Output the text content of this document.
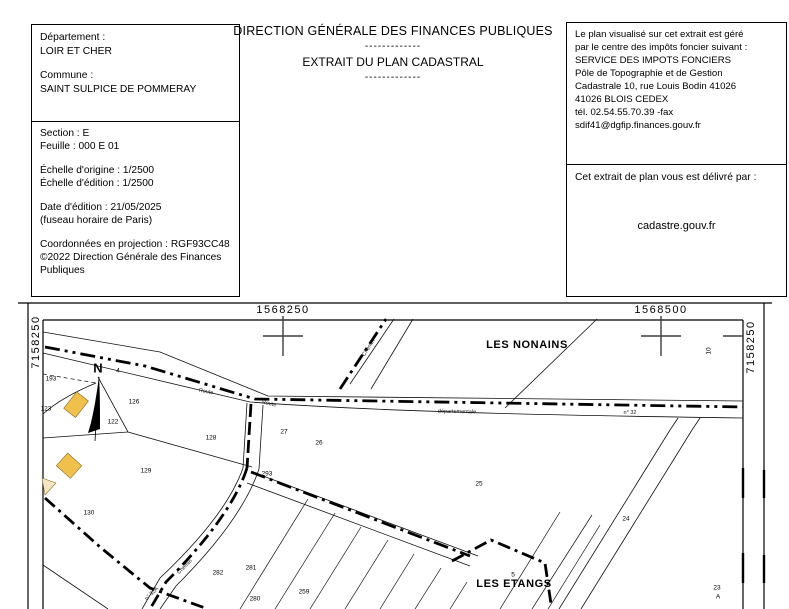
Département :
LOIR ET CHER
Commune :
SAINT SULPICE DE POMMERAY
DIRECTION GÉNÉRALE DES FINANCES PUBLIQUES
-------------
EXTRAIT DU PLAN CADASTRAL
-------------
Le plan visualisé sur cet extrait est géré
par le centre des impôts foncier suivant :
SERVICE DES IMPOTS FONCIERS
Pôle de Topographie et de Gestion
Cadastrale 10, rue Louis Bodin 41026
41026 BLOIS CEDEX
tél. 02.54.55.70.39 -fax
sdif41@dgfip.finances.gouv.fr
Section : E
Feuille : 000 E 01
Échelle d'origine : 1/2500
Échelle d'édition : 1/2500
Date d'édition : 21/05/2025
(fuseau horaire de Paris)
Coordonnées en projection : RGF93CC48
©2022 Direction Générale des Finances
Publiques
Cet extrait de plan vous est délivré par :
cadastre.gouv.fr
1568250	1568500
7158250	7158250
193
123
122
126
128
129
130
4
27
26
10
25
24
23
A
293
282
281
280
259
5
Route
Route
départementale	n° 32
Chemin
Chemin
n° 32A
LES NONAINS
LES ETANGS
N
